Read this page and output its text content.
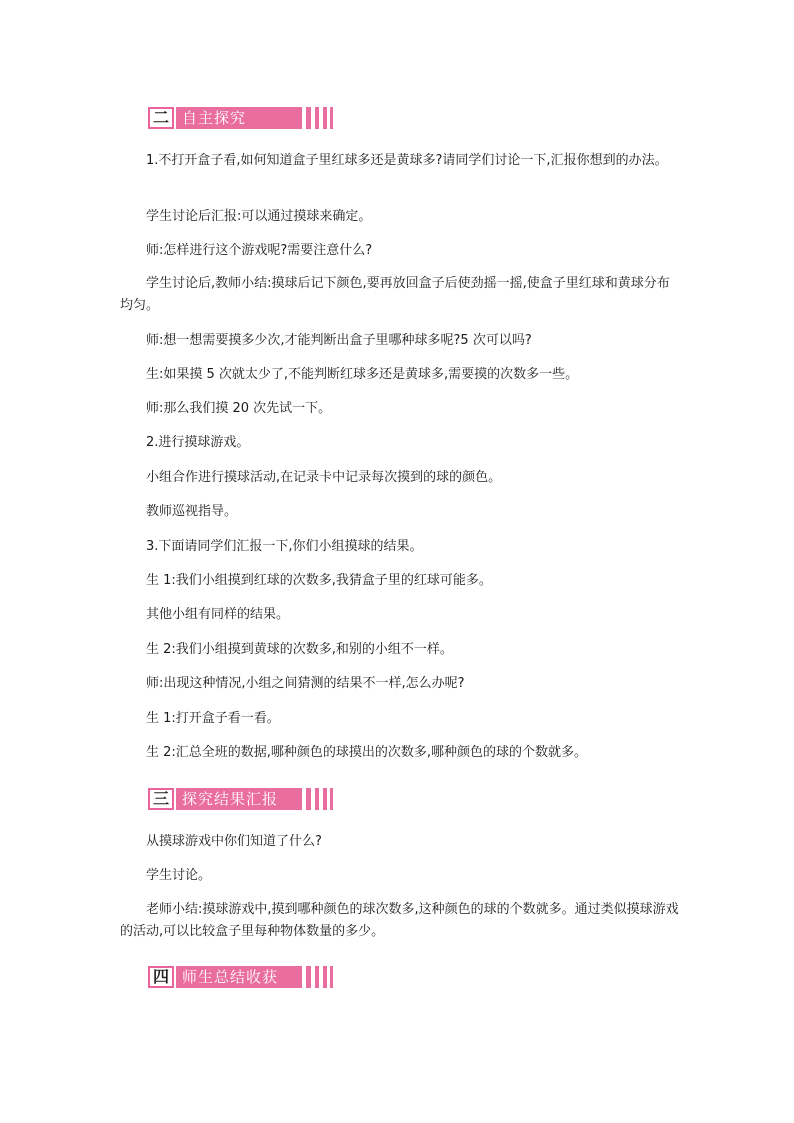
二 自主探究
1.不打开盒子看,如何知道盒子里红球多还是黄球多?请同学们讨论一下,汇报你想到的办法。
学生讨论后汇报:可以通过摸球来确定。
师:怎样进行这个游戏呢?需要注意什么?
学生讨论后,教师小结:摸球后记下颜色,要再放回盒子后使劲摇一摇,使盒子里红球和黄球分布均匀。
师:想一想需要摸多少次,才能判断出盒子里哪种球多呢?5 次可以吗?
生:如果摸 5 次就太少了,不能判断红球多还是黄球多,需要摸的次数多一些。
师:那么我们摸 20 次先试一下。
2.进行摸球游戏。
小组合作进行摸球活动,在记录卡中记录每次摸到的球的颜色。
教师巡视指导。
3.下面请同学们汇报一下,你们小组摸球的结果。
生 1:我们小组摸到红球的次数多,我猜盒子里的红球可能多。
其他小组有同样的结果。
生 2:我们小组摸到黄球的次数多,和别的小组不一样。
师:出现这种情况,小组之间猜测的结果不一样,怎么办呢?
生 1:打开盒子看一看。
生 2:汇总全班的数据,哪种颜色的球摸出的次数多,哪种颜色的球的个数就多。
三 探究结果汇报
从摸球游戏中你们知道了什么?
学生讨论。
老师小结:摸球游戏中,摸到哪种颜色的球次数多,这种颜色的球的个数就多。通过类似摸球游戏的活动,可以比较盒子里每种物体数量的多少。
四 师生总结收获
